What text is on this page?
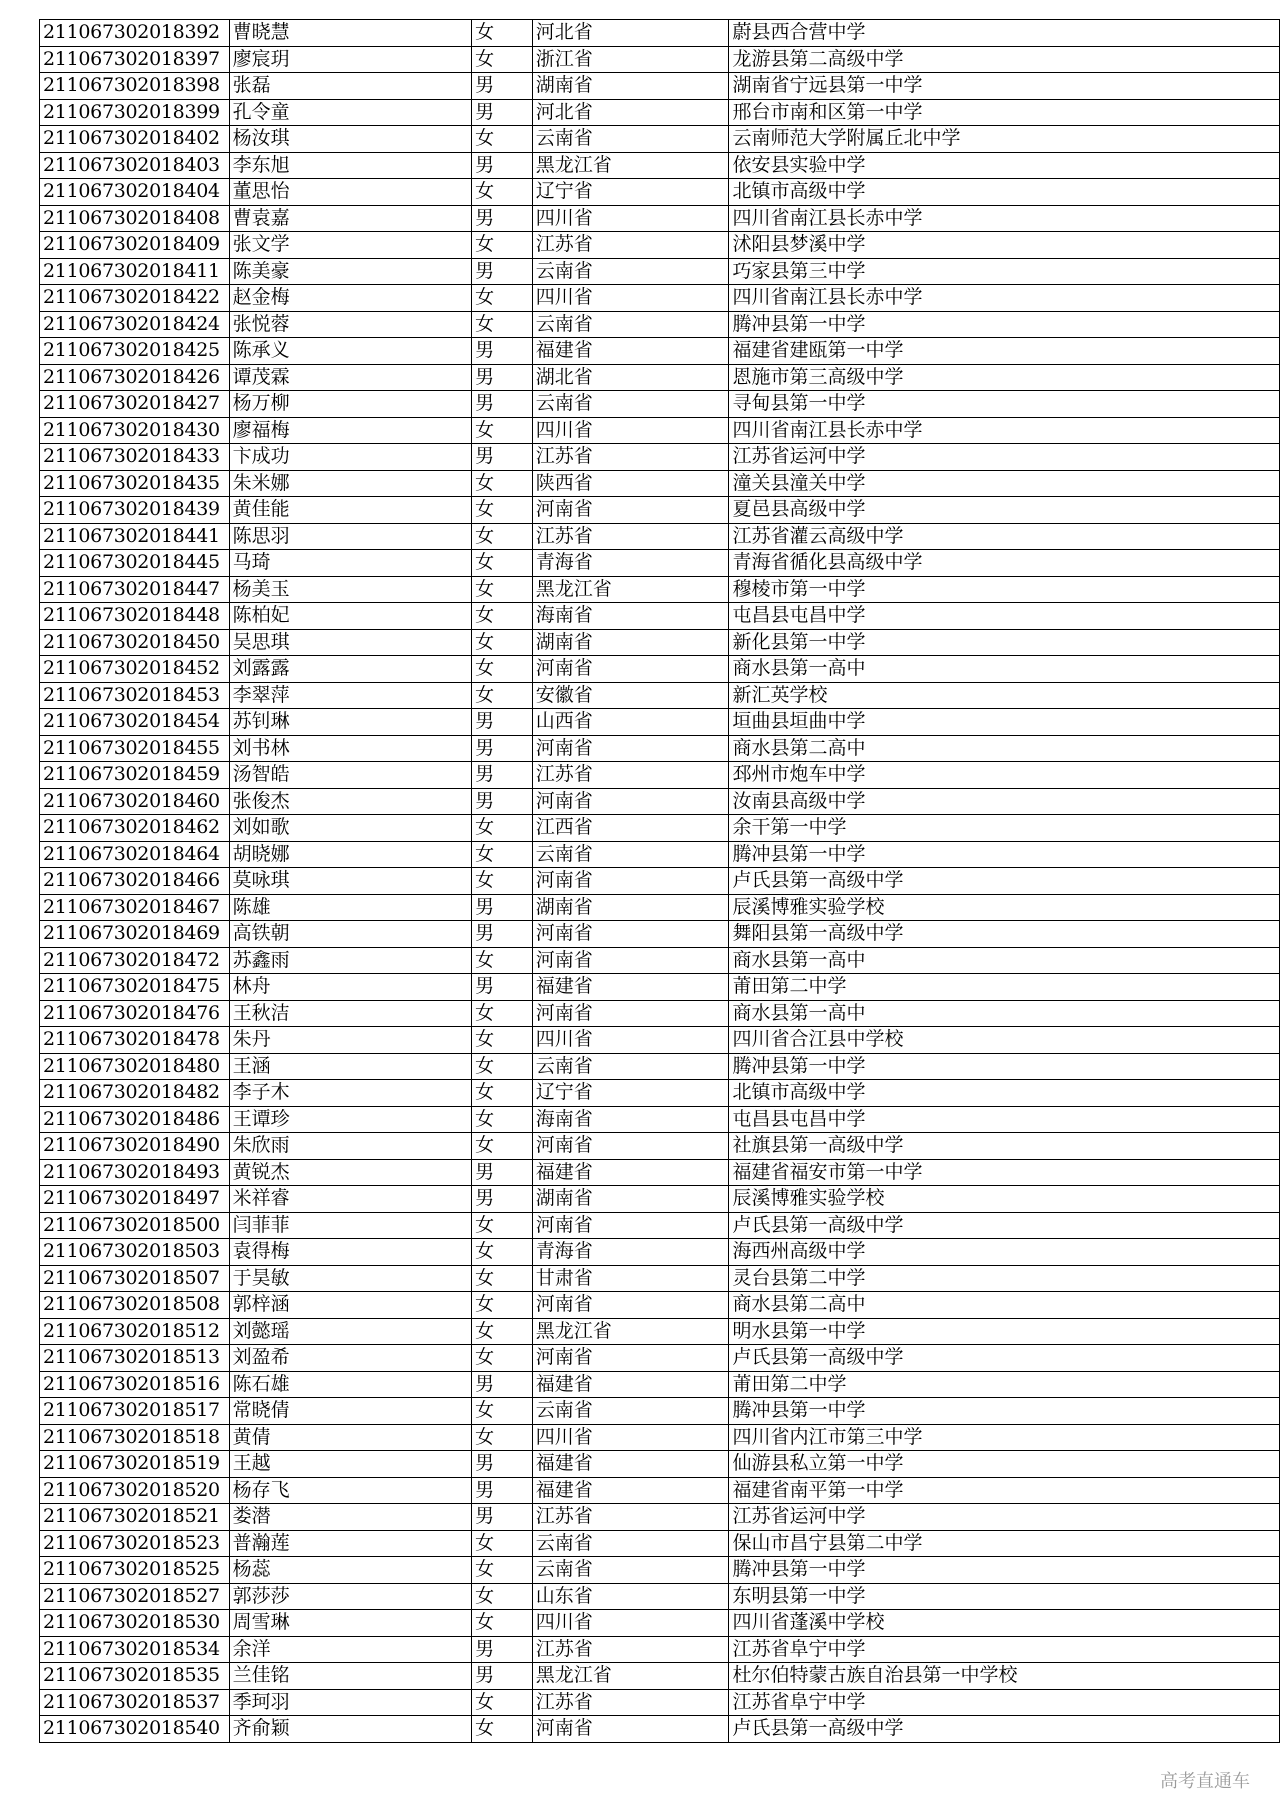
211067302018392	曹晓慧	女	河北省	蔚县西合营中学
211067302018397	廖宸玥	女	浙江省	龙游县第二高级中学
211067302018398	张磊	男	湖南省	湖南省宁远县第一中学
211067302018399	孔令童	男	河北省	邢台市南和区第一中学
211067302018402	杨汝琪	女	云南省	云南师范大学附属丘北中学
211067302018403	李东旭	男	黑龙江省	依安县实验中学
211067302018404	董思怡	女	辽宁省	北镇市高级中学
211067302018408	曹袁嘉	男	四川省	四川省南江县长赤中学
211067302018409	张文学	女	江苏省	沭阳县梦溪中学
211067302018411	陈美豪	男	云南省	巧家县第三中学
211067302018422	赵金梅	女	四川省	四川省南江县长赤中学
211067302018424	张悦蓉	女	云南省	腾冲县第一中学
211067302018425	陈承义	男	福建省	福建省建瓯第一中学
211067302018426	谭茂霖	男	湖北省	恩施市第三高级中学
211067302018427	杨万柳	男	云南省	寻甸县第一中学
211067302018430	廖福梅	女	四川省	四川省南江县长赤中学
211067302018433	卞成功	男	江苏省	江苏省运河中学
211067302018435	朱米娜	女	陕西省	潼关县潼关中学
211067302018439	黄佳能	女	河南省	夏邑县高级中学
211067302018441	陈思羽	女	江苏省	江苏省灌云高级中学
211067302018445	马琦	女	青海省	青海省循化县高级中学
211067302018447	杨美玉	女	黑龙江省	穆棱市第一中学
211067302018448	陈柏妃	女	海南省	屯昌县屯昌中学
211067302018450	吴思琪	女	湖南省	新化县第一中学
211067302018452	刘露露	女	河南省	商水县第一高中
211067302018453	李翠萍	女	安徽省	新汇英学校
211067302018454	苏钊琳	男	山西省	垣曲县垣曲中学
211067302018455	刘书林	男	河南省	商水县第二高中
211067302018459	汤智皓	男	江苏省	邳州市炮车中学
211067302018460	张俊杰	男	河南省	汝南县高级中学
211067302018462	刘如歌	女	江西省	余干第一中学
211067302018464	胡晓娜	女	云南省	腾冲县第一中学
211067302018466	莫咏琪	女	河南省	卢氏县第一高级中学
211067302018467	陈雄	男	湖南省	辰溪博雅实验学校
211067302018469	高铁朝	男	河南省	舞阳县第一高级中学
211067302018472	苏鑫雨	女	河南省	商水县第一高中
211067302018475	林舟	男	福建省	莆田第二中学
211067302018476	王秋洁	女	河南省	商水县第一高中
211067302018478	朱丹	女	四川省	四川省合江县中学校
211067302018480	王涵	女	云南省	腾冲县第一中学
211067302018482	李子木	女	辽宁省	北镇市高级中学
211067302018486	王谭珍	女	海南省	屯昌县屯昌中学
211067302018490	朱欣雨	女	河南省	社旗县第一高级中学
211067302018493	黄锐杰	男	福建省	福建省福安市第一中学
211067302018497	米祥睿	男	湖南省	辰溪博雅实验学校
211067302018500	闫菲菲	女	河南省	卢氏县第一高级中学
211067302018503	袁得梅	女	青海省	海西州高级中学
211067302018507	于昊敏	女	甘肃省	灵台县第二中学
211067302018508	郭梓涵	女	河南省	商水县第二高中
211067302018512	刘懿瑶	女	黑龙江省	明水县第一中学
211067302018513	刘盈希	女	河南省	卢氏县第一高级中学
211067302018516	陈石雄	男	福建省	莆田第二中学
211067302018517	常晓倩	女	云南省	腾冲县第一中学
211067302018518	黄倩	女	四川省	四川省内江市第三中学
211067302018519	王越	男	福建省	仙游县私立第一中学
211067302018520	杨存飞	男	福建省	福建省南平第一中学
211067302018521	娄潜	男	江苏省	江苏省运河中学
211067302018523	普瀚莲	女	云南省	保山市昌宁县第二中学
211067302018525	杨蕊	女	云南省	腾冲县第一中学
211067302018527	郭莎莎	女	山东省	东明县第一中学
211067302018530	周雪琳	女	四川省	四川省蓬溪中学校
211067302018534	余洋	男	江苏省	江苏省阜宁中学
211067302018535	兰佳铭	男	黑龙江省	杜尔伯特蒙古族自治县第一中学校
211067302018537	季珂羽	女	江苏省	江苏省阜宁中学
211067302018540	齐俞颖	女	河南省	卢氏县第一高级中学
高考直通车
